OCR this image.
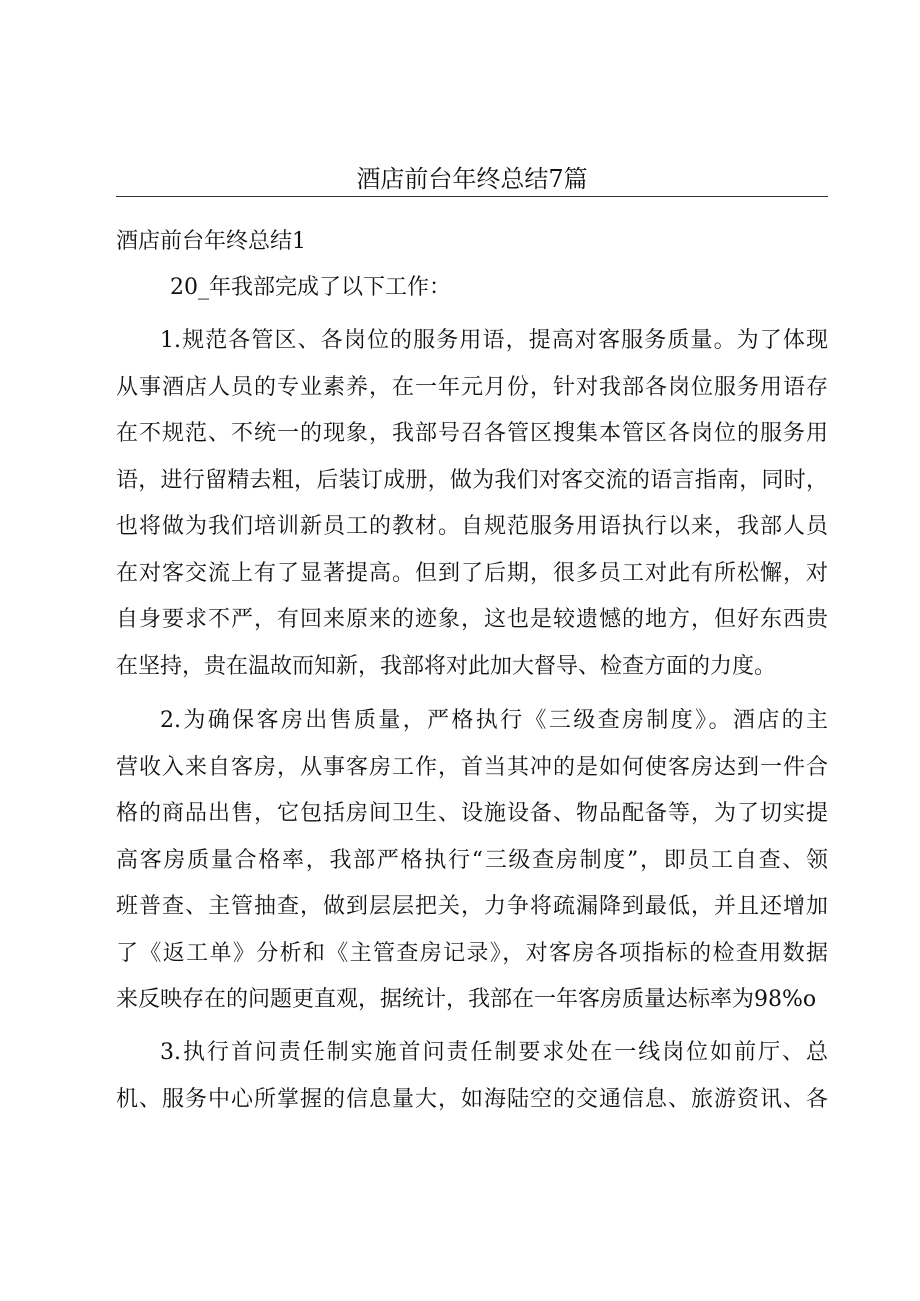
酒店前台年终总结7篇
酒店前台年终总结1

20_年我部完成了以下工作：

1.规范各管区、各岗位的服务用语，提高对客服务质量。为了体现
从事酒店人员的专业素养，在一年元月份，针对我部各岗位服务用语存
在不规范、不统一的现象，我部号召各管区搜集本管区各岗位的服务用
语，进行留精去粗，后装订成册，做为我们对客交流的语言指南，同时，
也将做为我们培训新员工的教材。自规范服务用语执行以来，我部人员
在对客交流上有了显著提高。但到了后期，很多员工对此有所松懈，对
自身要求不严，有回来原来的迹象，这也是较遗憾的地方，但好东西贵
在坚持，贵在温故而知新，我部将对此加大督导、检查方面的力度。
2.为确保客房出售质量，严格执行《三级查房制度》。酒店的主
营收入来自客房，从事客房工作，首当其冲的是如何使客房达到一件合
格的商品出售，它包括房间卫生、设施设备、物品配备等，为了切实提
高客房质量合格率，我部严格执行“三级查房制度”，即员工自查、领
班普查、主管抽查，做到层层把关，力争将疏漏降到最低，并且还增加
了《返工单》分析和《主管查房记录》，对客房各项指标的检查用数据
来反映存在的问题更直观，据统计，我部在一年客房质量达标率为98%o
3.执行首问责任制实施首问责任制要求处在一线岗位如前厅、总
机、服务中心所掌握的信息量大，如海陆空的交通信息、旅游资讯、各
